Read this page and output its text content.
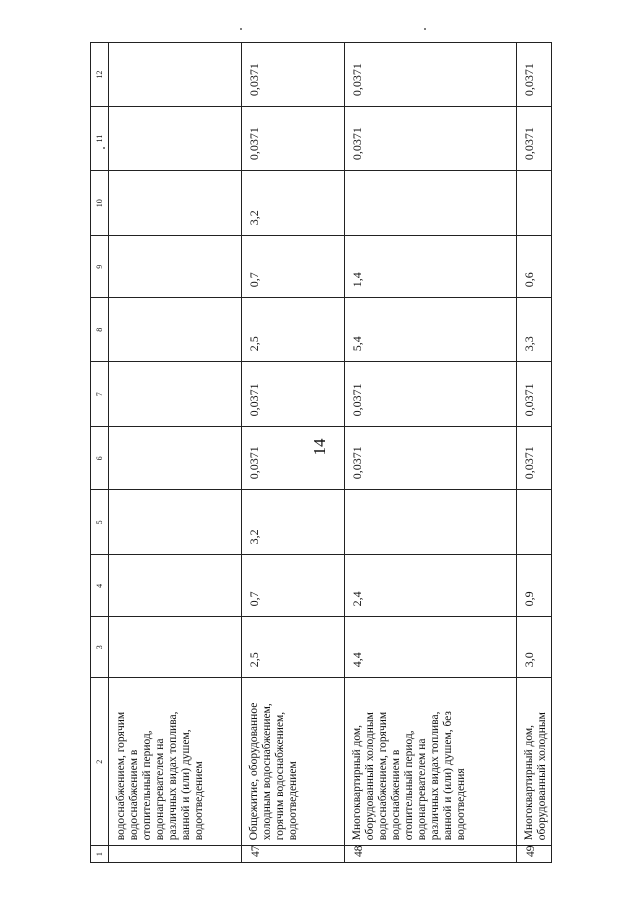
14
1	2	3	4	5	6	7	8	9	10	11	12
	водоснабжением, горячим водоснабжением в отопительный период, водонагревателем на различных видах топлива, ванной и (или) душем, водоотведением										
47	Общежитие, оборудованное холодным водоснабжением, горячим водоснабжением, водоотведением	2,5	0,7	3,2	0,0371	0,0371	2,5	0,7	3,2	0,0371	0,0371
48	Многоквартирный дом, оборудованный холодным водоснабжением, горячим водоснабжением в отопительный период, водонагревателем на различных видах топлива, ванной и (или) душем, без водоотведения	4,4	2,4		0,0371	0,0371	5,4	1,4		0,0371	0,0371
49	Многоквартирный дом, оборудованный холодным	3,0	0,9		0,0371	0,0371	3,3	0,6		0,0371	0,0371
